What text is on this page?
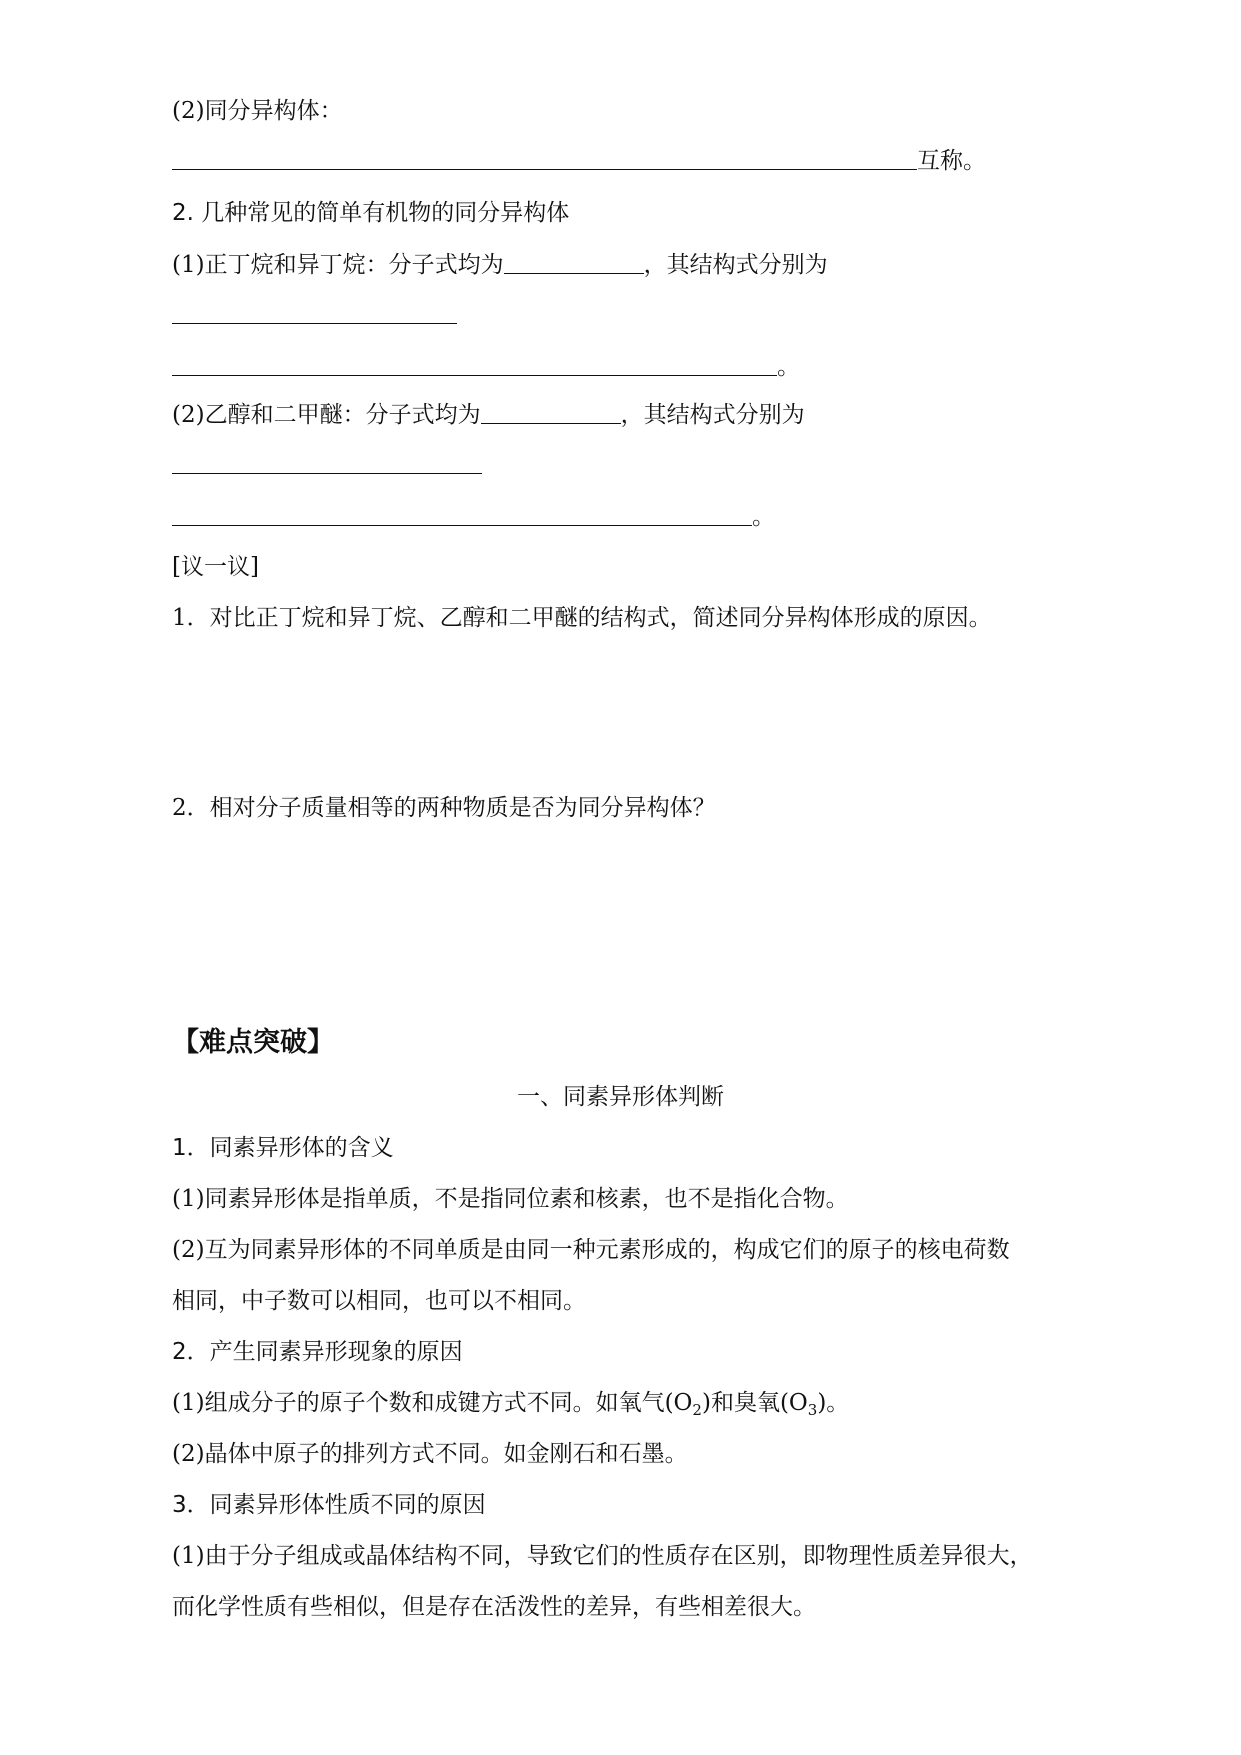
(2)同分异构体：
互称。
2. 几种常见的简单有机物的同分异构体
(1)正丁烷和异丁烷：分子式均为	，其结构式分别为
。
(2)乙醇和二甲醚：分子式均为	，其结构式分别为
。
[议一议]
1．对比正丁烷和异丁烷、乙醇和二甲醚的结构式，简述同分异构体形成的原因。
2．相对分子质量相等的两种物质是否为同分异构体？
【难点突破】
一、同素异形体判断
1．同素异形体的含义
(1)同素异形体是指单质，不是指同位素和核素，也不是指化合物。
(2)互为同素异形体的不同单质是由同一种元素形成的，构成它们的原子的核电荷数
相同，中子数可以相同，也可以不相同。
2．产生同素异形现象的原因
(1)组成分子的原子个数和成键方式不同。如氧气$(O_2)$和臭氧$(O_3)$。
(2)晶体中原子的排列方式不同。如金刚石和石墨。
3．同素异形体性质不同的原因
(1)由于分子组成或晶体结构不同，导致它们的性质存在区别，即物理性质差异很大，
而化学性质有些相似，但是存在活泼性的差异，有些相差很大。
